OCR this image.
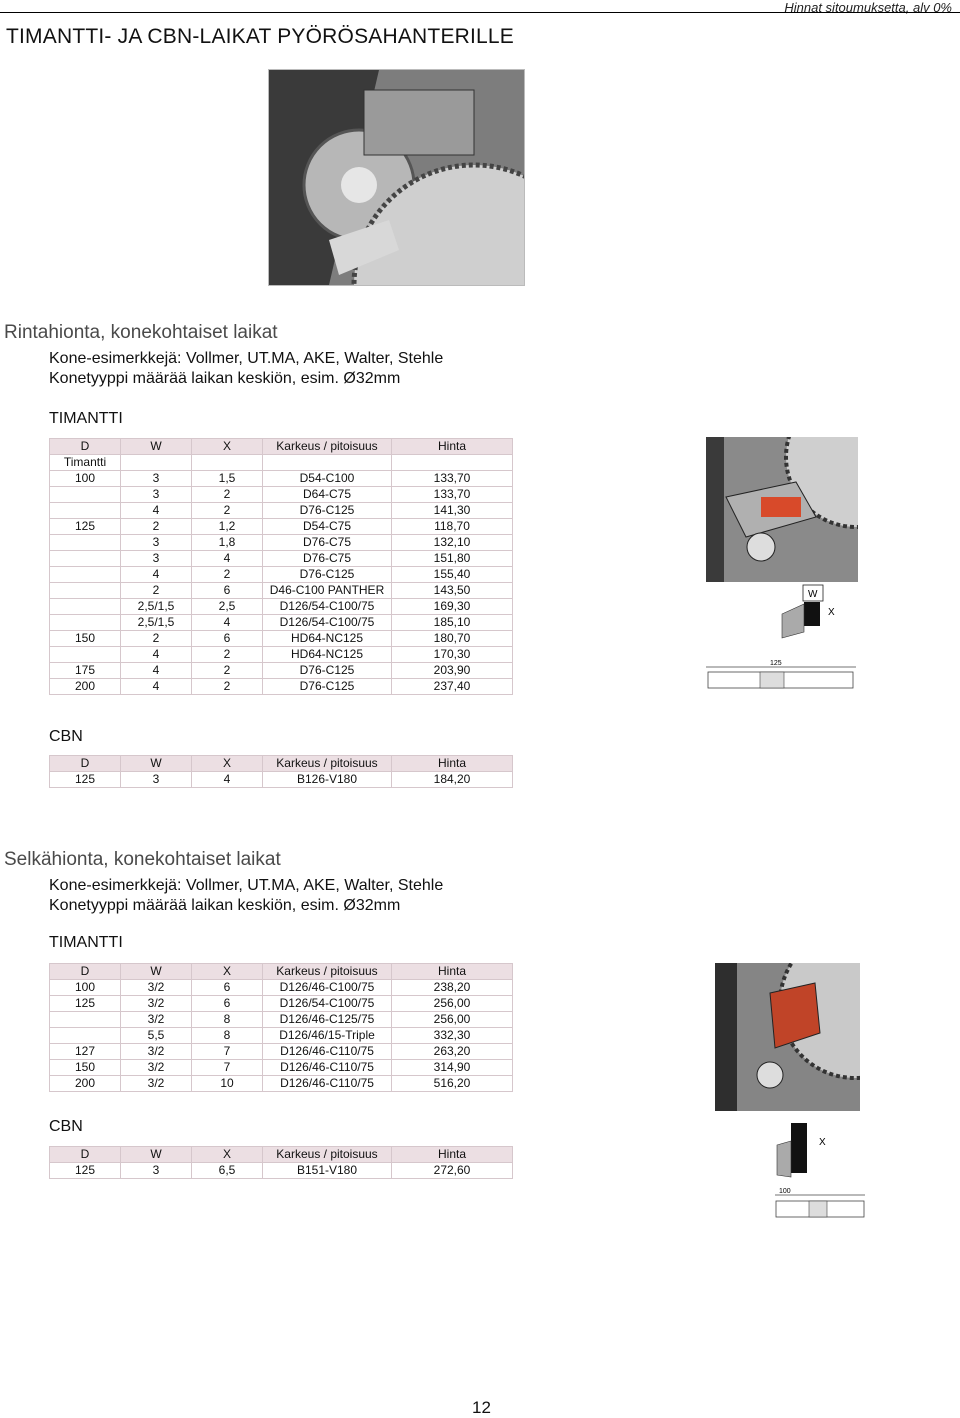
Hinnat sitoumuksetta, alv 0%
TIMANTTI- JA CBN-LAIKAT PYÖRÖSAHANTERILLE
Rintahionta, konekohtaiset laikat
Kone-esimerkkejä: Vollmer, UT.MA, AKE, Walter, Stehle
Konetyyppi määrää laikan keskiön, esim. Ø32mm
TIMANTTI
D	W	X	Karkeus / pitoisuus	Hinta
Timantti				
100	3	1,5	D54-C100	133,70
	3	2	D64-C75	133,70
	4	2	D76-C125	141,30
125	2	1,2	D54-C75	118,70
	3	1,8	D76-C75	132,10
	3	4	D76-C75	151,80
	4	2	D76-C125	155,40
	2	6	D46-C100 PANTHER	143,50
	2,5/1,5	2,5	D126/54-C100/75	169,30
	2,5/1,5	4	D126/54-C100/75	185,10
150	2	6	HD64-NC125	180,70
	4	2	HD64-NC125	170,30
175	4	2	D76-C125	203,90
200	4	2	D76-C125	237,40
W
X
125
CBN
D	W	X	Karkeus / pitoisuus	Hinta
125	3	4	B126-V180	184,20
Selkähionta, konekohtaiset laikat
Kone-esimerkkejä: Vollmer, UT.MA, AKE, Walter, Stehle
Konetyyppi määrää laikan keskiön, esim. Ø32mm
TIMANTTI
D	W	X	Karkeus / pitoisuus	Hinta
100	3/2	6	D126/46-C100/75	238,20
125	3/2	6	D126/54-C100/75	256,00
	3/2	8	D126/46-C125/75	256,00
	5,5	8	D126/46/15-Triple	332,30
127	3/2	7	D126/46-C110/75	263,20
150	3/2	7	D126/46-C110/75	314,90
200	3/2	10	D126/46-C110/75	516,20
X
100
CBN
D	W	X	Karkeus / pitoisuus	Hinta
125	3	6,5	B151-V180	272,60
12
